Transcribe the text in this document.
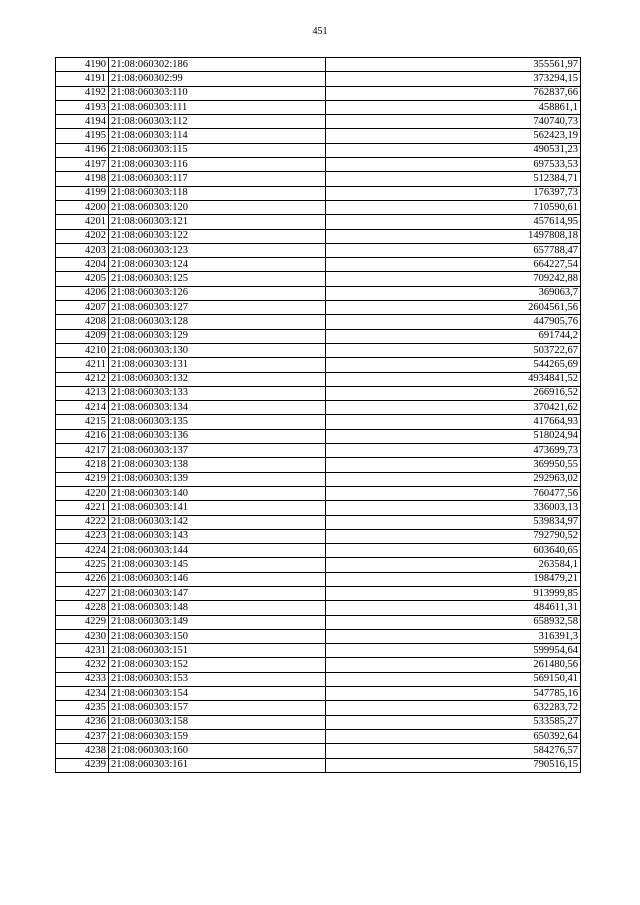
451
4190	21:08:060302:186	355561,97
4191	21:08:060302:99	373294,15
4192	21:08:060303:110	762837,66
4193	21:08:060303:111	458861,1
4194	21:08:060303:112	740740,73
4195	21:08:060303:114	562423,19
4196	21:08:060303:115	490531,23
4197	21:08:060303:116	697533,53
4198	21:08:060303:117	512384,71
4199	21:08:060303:118	176397,73
4200	21:08:060303:120	710590,61
4201	21:08:060303:121	457614,95
4202	21:08:060303:122	1497808,18
4203	21:08:060303:123	657788,47
4204	21:08:060303:124	664227,54
4205	21:08:060303:125	709242,88
4206	21:08:060303:126	369063,7
4207	21:08:060303:127	2604561,56
4208	21:08:060303:128	447905,76
4209	21:08:060303:129	691744,2
4210	21:08:060303:130	503722,67
4211	21:08:060303:131	544265,69
4212	21:08:060303:132	4934841,52
4213	21:08:060303:133	266916,52
4214	21:08:060303:134	370421,62
4215	21:08:060303:135	417664,93
4216	21:08:060303:136	518024,94
4217	21:08:060303:137	473699,73
4218	21:08:060303:138	369950,55
4219	21:08:060303:139	292963,02
4220	21:08:060303:140	760477,56
4221	21:08:060303:141	336003,13
4222	21:08:060303:142	539834,97
4223	21:08:060303:143	792790,52
4224	21:08:060303:144	603640,65
4225	21:08:060303:145	263584,1
4226	21:08:060303:146	198479,21
4227	21:08:060303:147	913999,85
4228	21:08:060303:148	484611,31
4229	21:08:060303:149	658932,58
4230	21:08:060303:150	316391,3
4231	21:08:060303:151	599954,64
4232	21:08:060303:152	261480,56
4233	21:08:060303:153	569150,41
4234	21:08:060303:154	547785,16
4235	21:08:060303:157	632283,72
4236	21:08:060303:158	533585,27
4237	21:08:060303:159	650392,64
4238	21:08:060303:160	584276,57
4239	21:08:060303:161	790516,15
